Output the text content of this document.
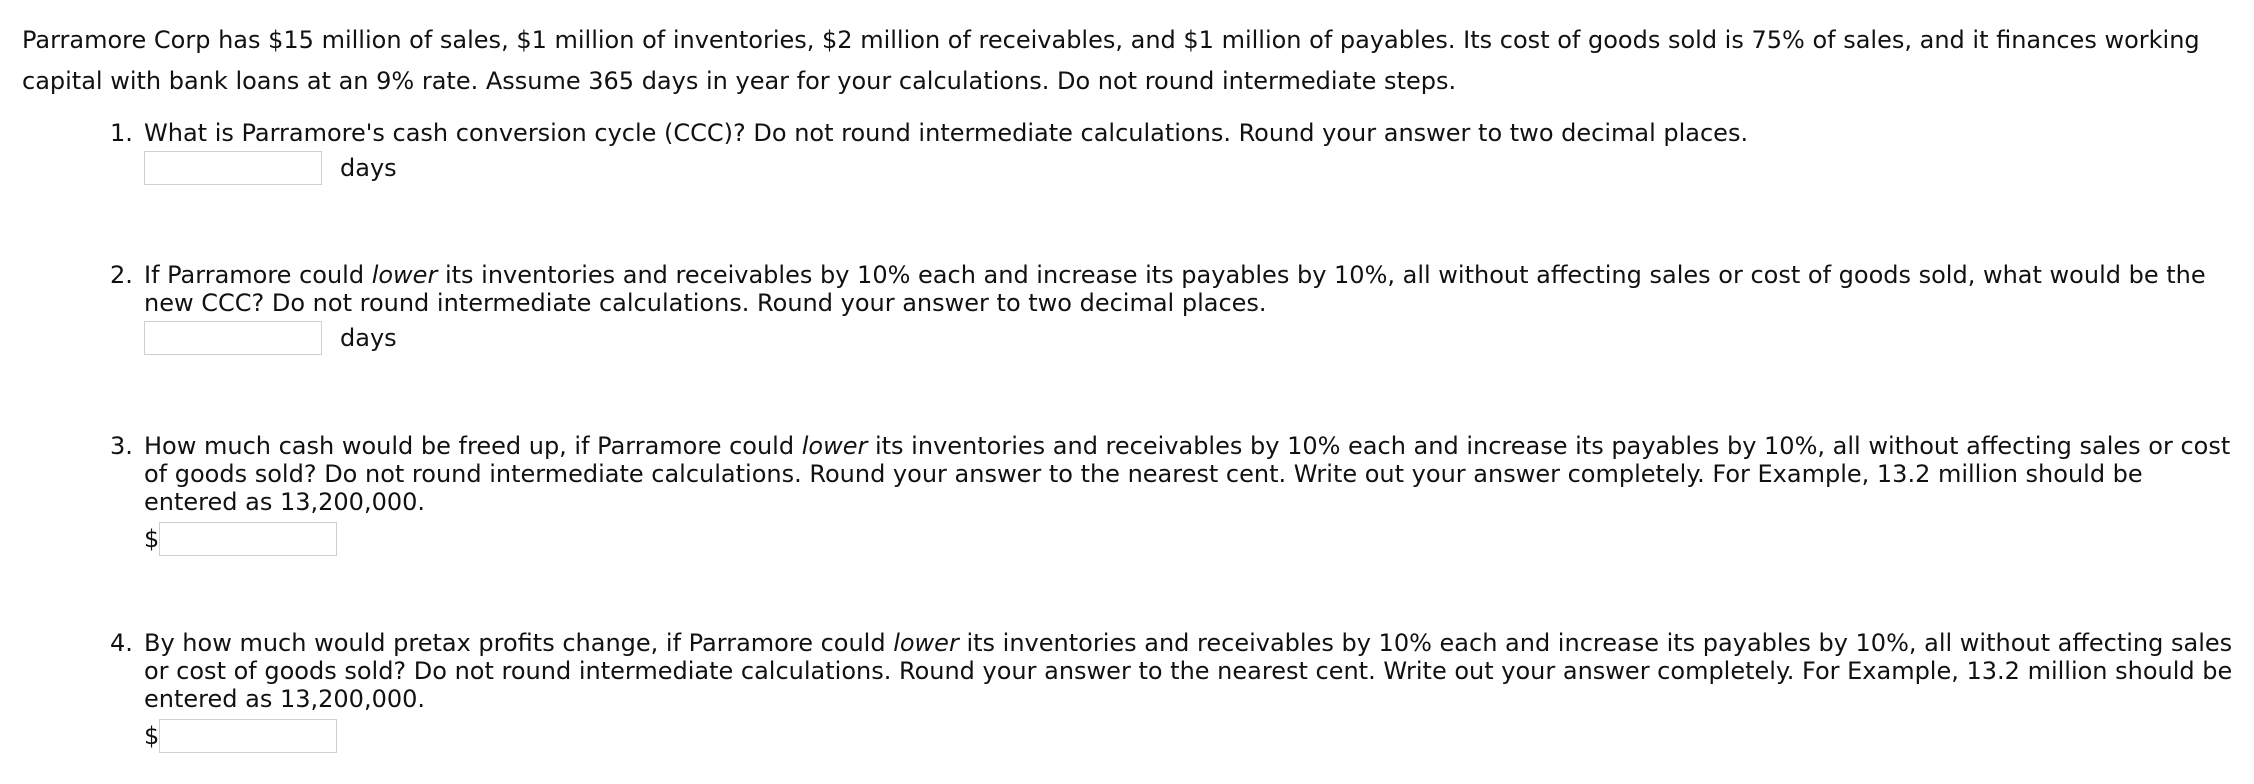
Parramore Corp has $15 million of sales, $1 million of inventories, $2 million of receivables, and $1 million of payables. Its cost of goods sold is 75% of sales, and it finances working capital with bank loans at an 9% rate. Assume 365 days in year for your calculations. Do not round intermediate steps.

1. What is Parramore's cash conversion cycle (CCC)? Do not round intermediate calculations. Round your answer to two decimal places.
days
2. If Parramore could lower its inventories and receivables by 10% each and increase its payables by 10%, all without affecting sales or cost of goods sold, what would be the new CCC? Do not round intermediate calculations. Round your answer to two decimal places.
days
3. How much cash would be freed up, if Parramore could lower its inventories and receivables by 10% each and increase its payables by 10%, all without affecting sales or cost of goods sold? Do not round intermediate calculations. Round your answer to the nearest cent. Write out your answer completely. For Example, 13.2 million should be entered as 13,200,000.
$
4. By how much would pretax profits change, if Parramore could lower its inventories and receivables by 10% each and increase its payables by 10%, all without affecting sales or cost of goods sold? Do not round intermediate calculations. Round your answer to the nearest cent. Write out your answer completely. For Example, 13.2 million should be entered as 13,200,000.
$
